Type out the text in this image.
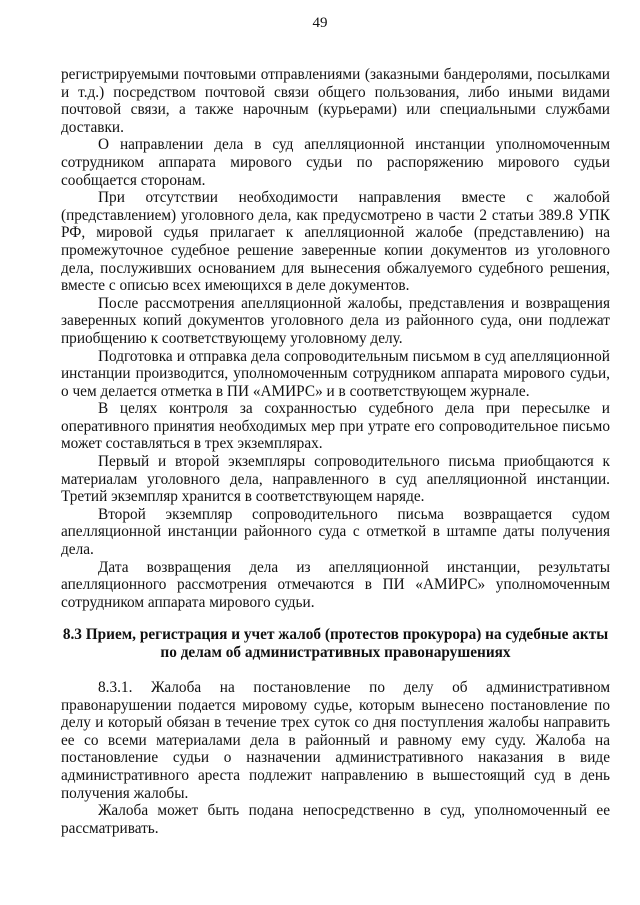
49

регистрируемыми почтовыми отправлениями (заказными бандеролями, посылками и т.д.) посредством почтовой связи общего пользования, либо иными видами почтовой связи, а также нарочным (курьерами) или специальными службами доставки.

О направлении дела в суд апелляционной инстанции уполномоченным сотрудником аппарата мирового судьи по распоряжению мирового судьи сообщается сторонам.

При отсутствии необходимости направления вместе с жалобой (представлением) уголовного дела, как предусмотрено в части 2 статьи 389.8 УПК РФ, мировой судья прилагает к апелляционной жалобе (представлению) на промежуточное судебное решение заверенные копии документов из уголовного дела, послуживших основанием для вынесения обжалуемого судебного решения, вместе с описью всех имеющихся в деле документов.

После рассмотрения апелляционной жалобы, представления и возвращения заверенных копий документов уголовного дела из районного суда, они подлежат приобщению к соответствующему уголовному делу.

Подготовка и отправка дела сопроводительным письмом в суд апелляционной инстанции производится, уполномоченным сотрудником аппарата мирового судьи, о чем делается отметка в ПИ «АМИРС» и в соответствующем журнале.

В целях контроля за сохранностью судебного дела при пересылке и оперативного принятия необходимых мер при утрате его сопроводительное письмо может составляться в трех экземплярах.

Первый и второй экземпляры сопроводительного письма приобщаются к материалам уголовного дела, направленного в суд апелляционной инстанции. Третий экземпляр хранится в соответствующем наряде.

Второй экземпляр сопроводительного письма возвращается судом апелляционной инстанции районного суда с отметкой в штампе даты получения дела.

Дата возвращения дела из апелляционной инстанции, результаты апелляционного рассмотрения отмечаются в ПИ «АМИРС» уполномоченным сотрудником аппарата мирового судьи.

8.3 Прием, регистрация и учет жалоб (протестов прокурора) на судебные акты по делам об административных правонарушениях

8.3.1. Жалоба на постановление по делу об административном правонарушении подается мировому судье, которым вынесено постановление по делу и который обязан в течение трех суток со дня поступления жалобы направить ее со всеми материалами дела в районный и равному ему суду. Жалоба на постановление судьи о назначении административного наказания в виде административного ареста подлежит направлению в вышестоящий суд в день получения жалобы.

Жалоба может быть подана непосредственно в суд, уполномоченный ее рассматривать.
